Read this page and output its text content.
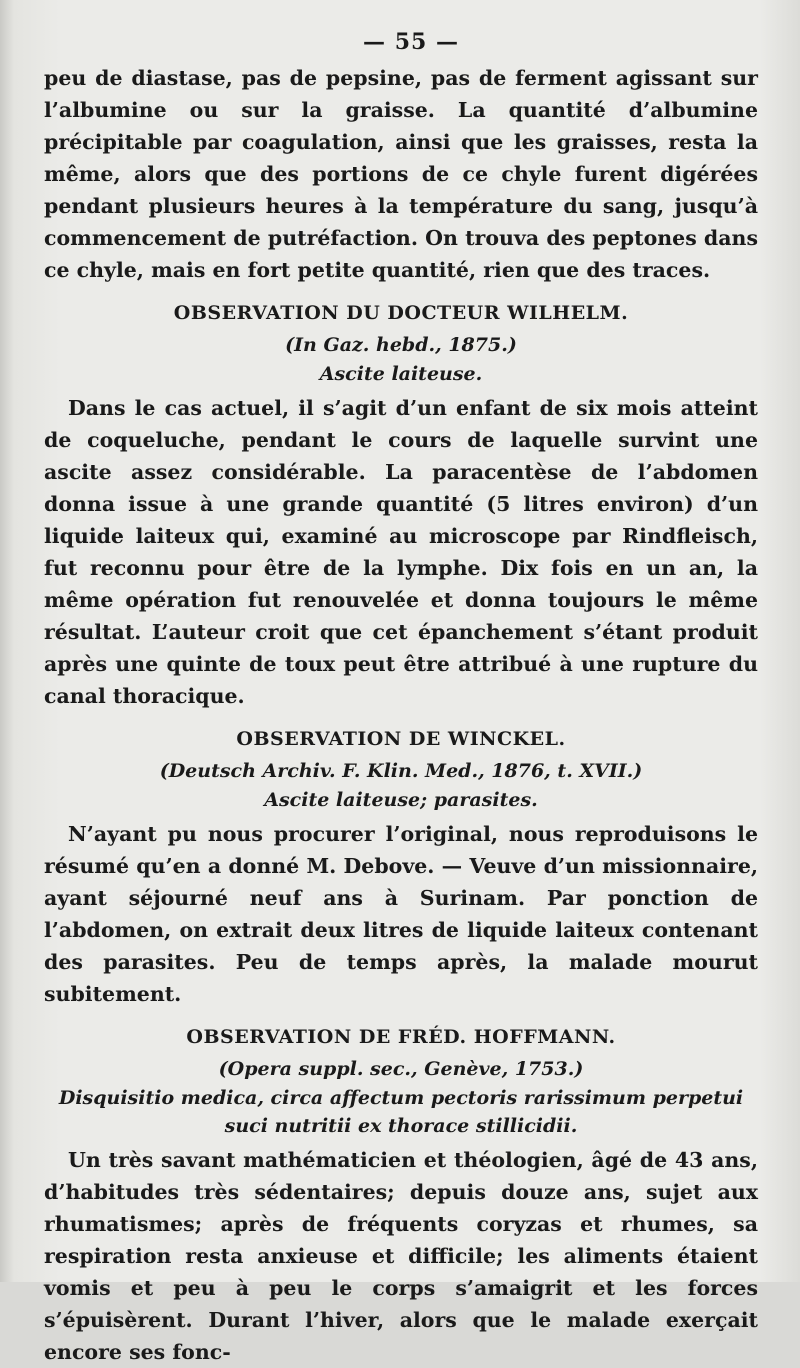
— 55 —

peu de diastase, pas de pepsine, pas de ferment agissant sur l’albumine ou sur la graisse. La quantité d’albumine précipitable par coagulation, ainsi que les graisses, resta la même, alors que des portions de ce chyle furent digérées pendant plusieurs heures à la température du sang, jusqu’à commencement de putréfaction. On trouva des peptones dans ce chyle, mais en fort petite quantité, rien que des traces.

OBSERVATION DU DOCTEUR WILHELM.
(In Gaz. hebd., 1875.)
Ascite laiteuse.

Dans le cas actuel, il s’agit d’un enfant de six mois atteint de coqueluche, pendant le cours de laquelle survint une ascite assez considérable. La paracentèse de l’abdomen donna issue à une grande quantité (5 litres environ) d’un liquide laiteux qui, examiné au microscope par Rindfleisch, fut reconnu pour être de la lymphe. Dix fois en un an, la même opération fut renouvelée et donna toujours le même résultat. L’auteur croit que cet épanchement s’étant produit après une quinte de toux peut être attribué à une rupture du canal thoracique.

OBSERVATION DE WINCKEL.
(Deutsch Archiv. F. Klin. Med., 1876, t. XVII.)
Ascite laiteuse; parasites.

N’ayant pu nous procurer l’original, nous reproduisons le résumé qu’en a donné M. Debove. — Veuve d’un missionnaire, ayant séjourné neuf ans à Surinam. Par ponction de l’abdomen, on extrait deux litres de liquide laiteux contenant des parasites. Peu de temps après, la malade mourut subitement.

OBSERVATION DE FRÉD. HOFFMANN.
(Opera suppl. sec., Genève, 1753.)
Disquisitio medica, circa affectum pectoris rarissimum perpetui suci nutritii ex thorace stillicidii.

Un très savant mathématicien et théologien, âgé de 43 ans, d’habitudes très sédentaires; depuis douze ans, sujet aux rhumatismes; après de fréquents coryzas et rhumes, sa respiration resta anxieuse et difficile; les aliments étaient vomis et peu à peu le corps s’amaigrit et les forces s’épuisèrent. Durant l’hiver, alors que le malade exerçait encore ses fonc-
